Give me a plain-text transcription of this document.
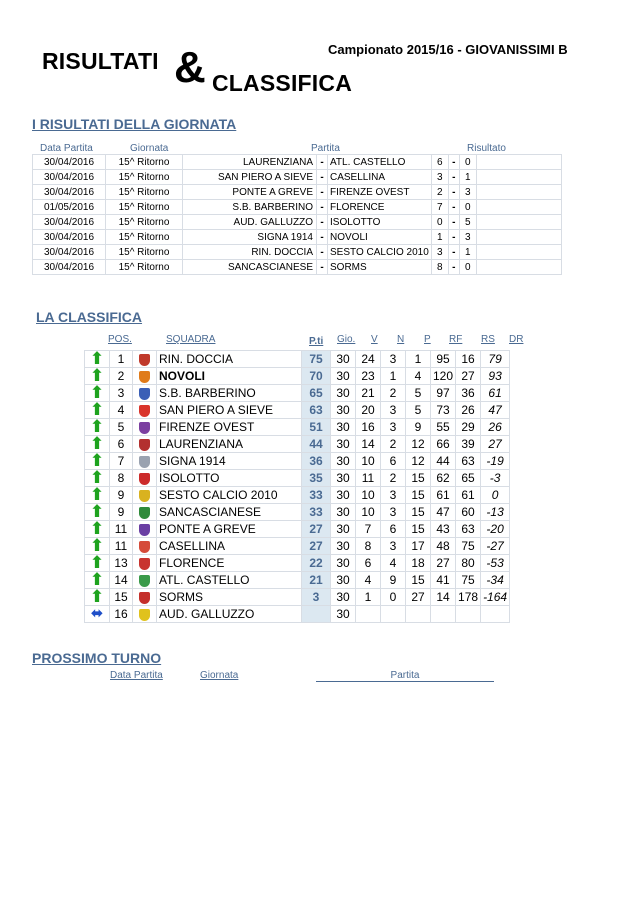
RISULTATI & CLASSIFICA
Campionato 2015/16 - GIOVANISSIMI B
I RISULTATI DELLA GIORNATA
Data Partita	Giornata	Partita	Risultato
30/04/2016	15^ Ritorno	LAURENZIANA	-	ATL. CASTELLO	6	-	0	
30/04/2016	15^ Ritorno	SAN PIERO A SIEVE	-	CASELLINA	3	-	1	
30/04/2016	15^ Ritorno	PONTE A GREVE	-	FIRENZE OVEST	2	-	3	
01/05/2016	15^ Ritorno	S.B. BARBERINO	-	FLORENCE	7	-	0	
30/04/2016	15^ Ritorno	AUD. GALLUZZO	-	ISOLOTTO	0	-	5	
30/04/2016	15^ Ritorno	SIGNA 1914	-	NOVOLI	1	-	3	
30/04/2016	15^ Ritorno	RIN. DOCCIA	-	SESTO CALCIO 2010	3	-	1	
30/04/2016	15^ Ritorno	SANCASCIANESE	-	SORMS	8	-	0	
LA CLASSIFICA
POS.	SQUADRA	P.ti Gio. V N P RF RS DR
⬆	1		RIN. DOCCIA	75	30	24	3	1	95	16	79
⬆	2		NOVOLI	70	30	23	1	4	120	27	93
⬆	3		S.B. BARBERINO	65	30	21	2	5	97	36	61
⬆	4		SAN PIERO A SIEVE	63	30	20	3	5	73	26	47
⬆	5		FIRENZE OVEST	51	30	16	3	9	55	29	26
⬆	6		LAURENZIANA	44	30	14	2	12	66	39	27
⬆	7		SIGNA 1914	36	30	10	6	12	44	63	-19
⬆	8		ISOLOTTO	35	30	11	2	15	62	65	-3
⬆	9		SESTO CALCIO 2010	33	30	10	3	15	61	61	0
⬆	9		SANCASCIANESE	33	30	10	3	15	47	60	-13
⬆	11		PONTE A GREVE	27	30	7	6	15	43	63	-20
⬆	11		CASELLINA	27	30	8	3	17	48	75	-27
⬆	13		FLORENCE	22	30	6	4	18	27	80	-53
⬆	14		ATL. CASTELLO	21	30	4	9	15	41	75	-34
⬆	15		SORMS	3	30	1	0	27	14	178	-164
⬌	16		AUD. GALLUZZO		30						
PROSSIMO TURNO
Data Partita	Giornata	Partita
